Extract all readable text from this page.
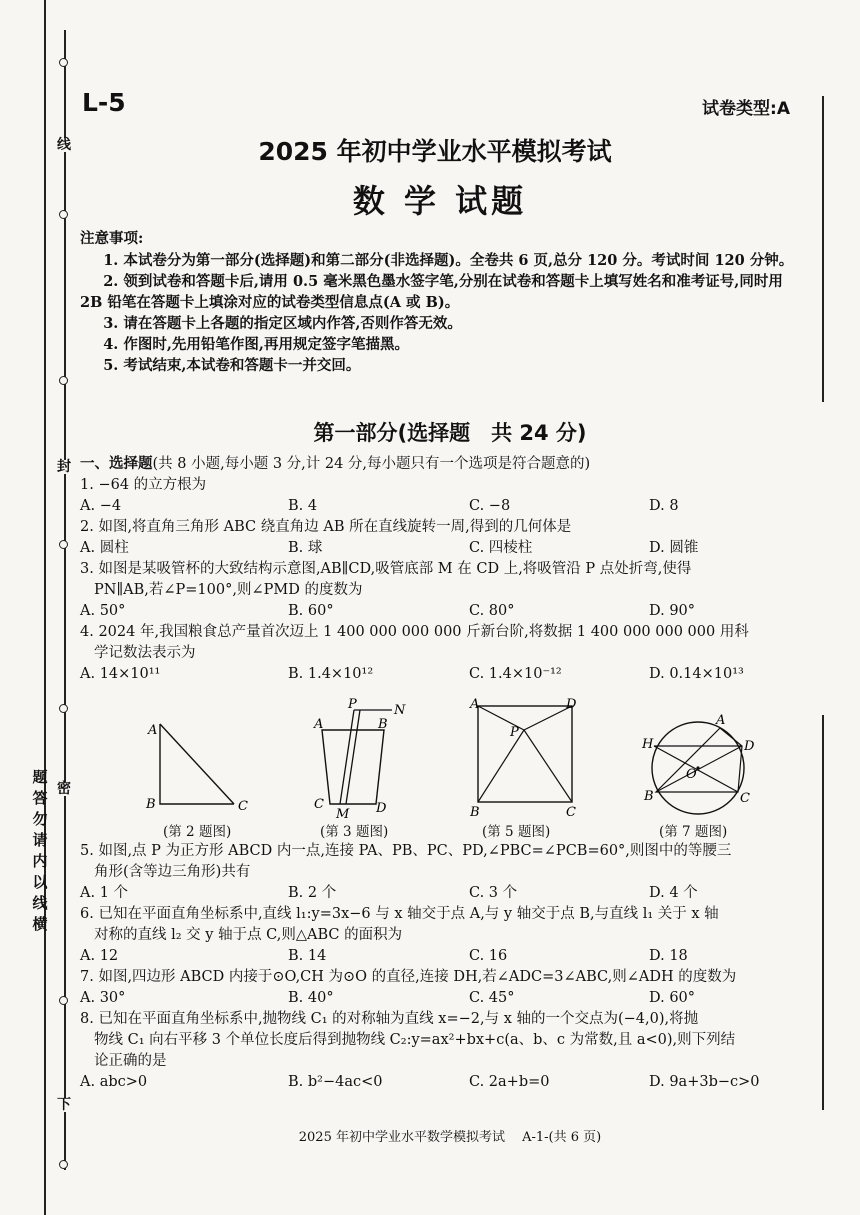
线
封
密
下
题
答
勿
请
内
以
线
横
L-5	试卷类型:A
2025 年初中学业水平模拟考试
数 学 试题
注意事项:
1. 本试卷分为第一部分(选择题)和第二部分(非选择题)。全卷共 6 页,总分 120 分。考试时间 120 分钟。
2. 领到试卷和答题卡后,请用 0.5 毫米黑色墨水签字笔,分别在试卷和答题卡上填写姓名和准考证号,同时用 2B 铅笔在答题卡上填涂对应的试卷类型信息点(A 或 B)。
3. 请在答题卡上各题的指定区域内作答,否则作答无效。
4. 作图时,先用铅笔作图,再用规定签字笔描黑。
5. 考试结束,本试卷和答题卡一并交回。
第一部分(选择题　共 24 分)
一、选择题(共 8 小题,每小题 3 分,计 24 分,每小题只有一个选项是符合题意的)
1. −64 的立方根为
A. −4	B. 4	C. −8	D. 8
2. 如图,将直角三角形 ABC 绕直角边 AB 所在直线旋转一周,得到的几何体是
A. 圆柱	B. 球	C. 四棱柱	D. 圆锥
3. 如图是某吸管杯的大致结构示意图,AB∥CD,吸管底部 M 在 CD 上,将吸管沿 P 点处折弯,使得
PN∥AB,若∠P=100°,则∠PMD 的度数为
A. 50°	B. 60°	C. 80°	D. 90°
4. 2024 年,我国粮食总产量首次迈上 1 400 000 000 000 斤新台阶,将数据 1 400 000 000 000 用科
学记数法表示为
A. 14×10¹¹	B. 1.4×10¹²	C. 1.4×10⁻¹²	D. 0.14×10¹³
A
B	C
(第 2 题图)
A
P
B
N
C
M D
(第 3 题图)
A	D
P
B	C
(第 5 题图)
A
H	D
O
B	C
(第 7 题图)
5. 如图,点 P 为正方形 ABCD 内一点,连接 PA、PB、PC、PD,∠PBC=∠PCB=60°,则图中的等腰三
角形(含等边三角形)共有
A. 1 个	B. 2 个	C. 3 个	D. 4 个
6. 已知在平面直角坐标系中,直线 l₁:y=3x−6 与 x 轴交于点 A,与 y 轴交于点 B,与直线 l₁ 关于 x 轴
对称的直线 l₂ 交 y 轴于点 C,则△ABC 的面积为
A. 12	B. 14	C. 16	D. 18
7. 如图,四边形 ABCD 内接于⊙O,CH 为⊙O 的直径,连接 DH,若∠ADC=3∠ABC,则∠ADH 的度数为
A. 30°	B. 40°	C. 45°	D. 60°
8. 已知在平面直角坐标系中,抛物线 C₁ 的对称轴为直线 x=−2,与 x 轴的一个交点为(−4,0),将抛
物线 C₁ 向右平移 3 个单位长度后得到抛物线 C₂:y=ax²+bx+c(a、b、c 为常数,且 a<0),则下列结
论正确的是
A. abc>0	B. b²−4ac<0	C. 2a+b=0	D. 9a+3b−c>0
2025 年初中学业水平数学模拟考试　 A-1-(共 6 页)
